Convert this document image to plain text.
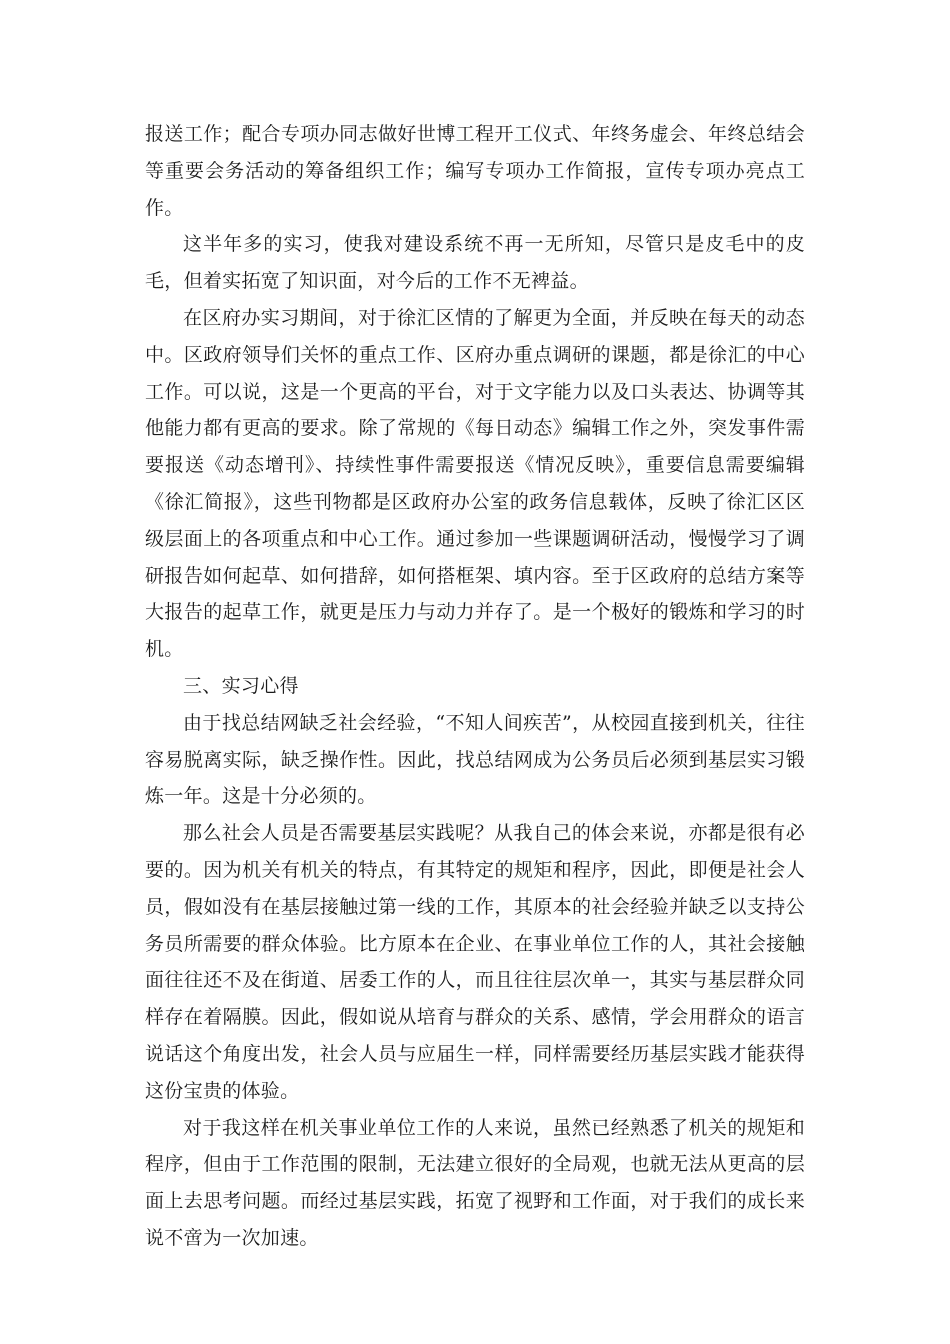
报送工作；配合专项办同志做好世博工程开工仪式、年终务虚会、年终总结会等重要会务活动的筹备组织工作；编写专项办工作简报，宣传专项办亮点工作。

这半年多的实习，使我对建设系统不再一无所知，尽管只是皮毛中的皮毛，但着实拓宽了知识面，对今后的工作不无裨益。

在区府办实习期间，对于徐汇区情的了解更为全面，并反映在每天的动态中。区政府领导们关怀的重点工作、区府办重点调研的课题，都是徐汇的中心工作。可以说，这是一个更高的平台，对于文字能力以及口头表达、协调等其他能力都有更高的要求。除了常规的《每日动态》编辑工作之外，突发事件需要报送《动态增刊》、持续性事件需要报送《情况反映》，重要信息需要编辑《徐汇简报》，这些刊物都是区政府办公室的政务信息载体，反映了徐汇区区级层面上的各项重点和中心工作。通过参加一些课题调研活动，慢慢学习了调研报告如何起草、如何措辞，如何搭框架、填内容。至于区政府的总结方案等大报告的起草工作，就更是压力与动力并存了。是一个极好的锻炼和学习的时机。

三、实习心得

由于找总结网缺乏社会经验，“不知人间疾苦”，从校园直接到机关，往往容易脱离实际，缺乏操作性。因此，找总结网成为公务员后必须到基层实习锻炼一年。这是十分必须的。

那么社会人员是否需要基层实践呢？从我自己的体会来说，亦都是很有必要的。因为机关有机关的特点，有其特定的规矩和程序，因此，即便是社会人员，假如没有在基层接触过第一线的工作，其原本的社会经验并缺乏以支持公务员所需要的群众体验。比方原本在企业、在事业单位工作的人，其社会接触面往往还不及在街道、居委工作的人，而且往往层次单一，其实与基层群众同样存在着隔膜。因此，假如说从培育与群众的关系、感情，学会用群众的语言说话这个角度出发，社会人员与应届生一样，同样需要经历基层实践才能获得这份宝贵的体验。

对于我这样在机关事业单位工作的人来说，虽然已经熟悉了机关的规矩和程序，但由于工作范围的限制，无法建立很好的全局观，也就无法从更高的层面上去思考问题。而经过基层实践，拓宽了视野和工作面，对于我们的成长来说不啻为一次加速。
